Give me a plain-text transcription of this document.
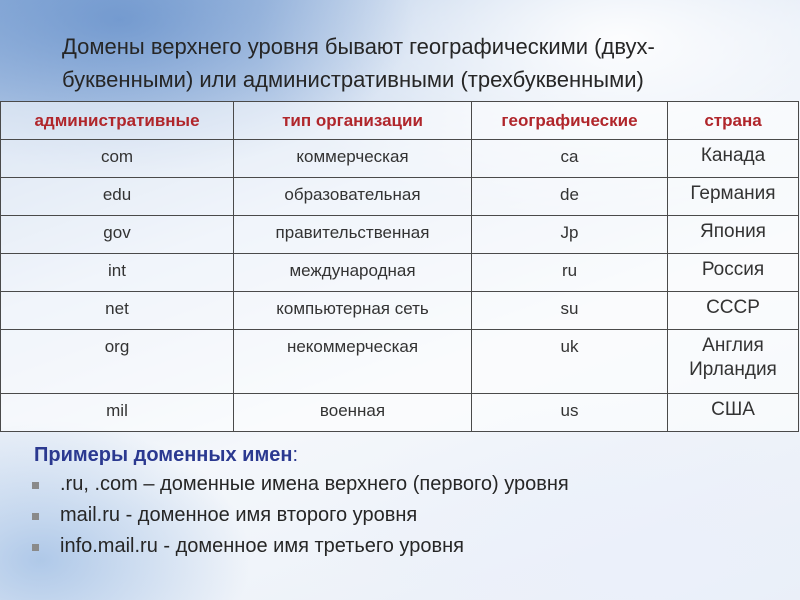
Домены верхнего уровня бывают географическими (двух-буквенными) или административными (трехбуквенными)
административные	тип организации	географические	страна
com	коммерческая	ca	Канада
edu	образовательная	de	Германия
gov	правительственная	Jp	Япония
int	международная	ru	Россия
net	компьютерная сеть	su	СССР
org	некоммерческая	uk	Англия Ирландия
mil	военная	us	США
Примеры доменных имен:
.ru, .com – доменные имена верхнего (первого) уровня
mail.ru - доменное имя второго уровня
info.mail.ru - доменное имя третьего уровня
